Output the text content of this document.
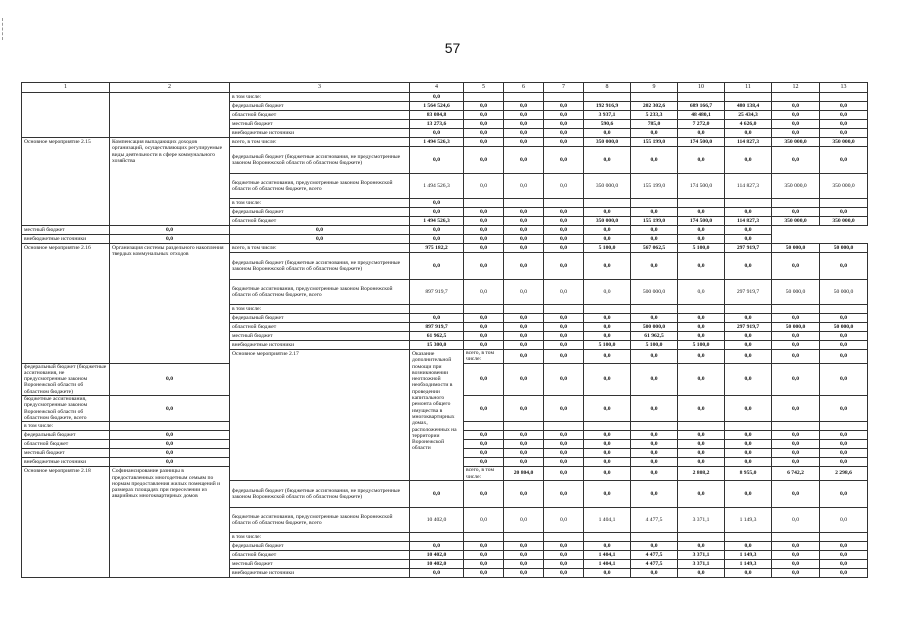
57
1	2	3	4	5	6	7	8	9	10	11	12	13	
		в том числе:	0,0										
		федеральный бюджет	1 564 524,6	0,0	0,0	0,0	192 916,9	202 302,6	689 166,7	480 138,4	0,0	0,0	
		областной бюджет	83 084,8	0,0	0,0	0,0	3 937,1	5 233,3	48 480,1	25 434,3	0,0	0,0	
		местный бюджет	13 273,6	0,0	0,0	0,0	590,6	785,0	7 272,0	4 626,0	0,0	0,0	
		внебюджетные источники	0,0	0,0	0,0	0,0	0,0	0,0	0,0	0,0	0,0	0,0	
Основное мероприятие 2.15	Компенсация выпадающих доходов организаций, осуществляющих регулируемые виды деятельности в сфере коммунального хозяйства	всего, в том числе:	1 494 526,3	0,0	0,0	0,0	350 000,0	155 199,0	174 500,0	114 827,3	350 000,0	350 000,0	
		федеральный бюджет (бюджетные ассигнования, не предусмотренные законом Воронежской области об областном бюджете)	0,0	0,0	0,0	0,0	0,0	0,0	0,0	0,0	0,0	0,0	
		бюджетные ассигнования, предусмотренные законом Воронежской области об областном бюджете, всего	1 494 526,3	0,0	0,0	0,0	350 000,0	155 199,0	174 500,0	114 827,3	350 000,0	350 000,0	
		в том числе:	0,0										
		федеральный бюджет	0,0	0,0	0,0	0,0	0,0	0,0	0,0	0,0	0,0	0,0	
		областной бюджет	1 494 526,3	0,0	0,0	0,0	350 000,0	155 199,0	174 500,0	114 827,3	350 000,0	350 000,0	
местный бюджет	0,0	0,0	0,0	0,0	0,0	0,0	0,0	0,0	0,0	0,0			
внебюджетные источники	0,0	0,0	0,0	0,0	0,0	0,0	0,0	0,0	0,0	0,0			
Основное мероприятие 2.16	Организация системы раздельного накопления твердых коммунальных отходов	всего, в том числе:	975 182,2	0,0	0,0	0,0	5 100,0	567 062,5	5 100,0	297 919,7	50 000,0	50 000,0	
		федеральный бюджет (бюджетные ассигнования, не предусмотренные законом Воронежской области об областном бюджете)	0,0	0,0	0,0	0,0	0,0	0,0	0,0	0,0	0,0	0,0	
		бюджетные ассигнования, предусмотренные законом Воронежской области об областном бюджете, всего	897 919,7	0,0	0,0	0,0	0,0	500 000,0	0,0	297 919,7	50 000,0	50 000,0	
		в том числе:											
		федеральный бюджет	0,0	0,0	0,0	0,0	0,0	0,0	0,0	0,0	0,0	0,0	
		областной бюджет	897 919,7	0,0	0,0	0,0	0,0	500 000,0	0,0	297 919,7	50 000,0	50 000,0	
		местный бюджет	61 962,5	0,0	0,0	0,0	0,0	61 962,5	0,0	0,0	0,0	0,0	
		внебюджетные источники	15 300,0	0,0	0,0	0,0	5 100,0	5 100,0	5 100,0	0,0	0,0	0,0	
		Основное мероприятие 2.17	Оказание дополнительной помощи при возникновении неотложной необходимости в проведении капитального ремонта общего имущества в многоквартирных домах, расположенных на территории Воронежской области	всего, в том числе:	0,0	0,0	0,0	0,0	0,0	0,0	0,0	0,0		
федеральный бюджет (бюджетные ассигнования, не предусмотренные законом Воронежской области об областном бюджете)	0,0			0,0	0,0	0,0	0,0	0,0	0,0	0,0	0,0	0,0	
бюджетные ассигнования, предусмотренные законом Воронежской области об областном бюджете, всего	0,0			0,0	0,0	0,0	0,0	0,0	0,0	0,0	0,0	0,0	
в том числе:													
федеральный бюджет	0,0			0,0	0,0	0,0	0,0	0,0	0,0	0,0	0,0	0,0	
областной бюджет	0,0			0,0	0,0	0,0	0,0	0,0	0,0	0,0	0,0	0,0	
местный бюджет	0,0			0,0	0,0	0,0	0,0	0,0	0,0	0,0	0,0	0,0	
внебюджетные источники	0,0			0,0	0,0	0,0	0,0	0,0	0,0	0,0	0,0	0,0	
Основное мероприятие 2.18	Софинансирование разницы в предоставленных многодетным семьям по нормам предоставления жилых помещений и размерах площадях при переселении из аварийных многоквартирных домов			всего, в том числе:	20 804,0	0,0	0,0	0,0	2 808,2	8 955,0	6 742,2	2 298,6		
		федеральный бюджет (бюджетные ассигнования, не предусмотренные законом Воронежской области об областном бюджете)	0,0	0,0	0,0	0,0	0,0	0,0	0,0	0,0	0,0	0,0	
		бюджетные ассигнования, предусмотренные законом Воронежской области об областном бюджете, всего	10 402,0	0,0	0,0	0,0	1 404,1	4 477,5	3 371,1	1 149,3	0,0	0,0	
		в том числе:											
		федеральный бюджет	0,0	0,0	0,0	0,0	0,0	0,0	0,0	0,0	0,0	0,0	
		областной бюджет	10 402,0	0,0	0,0	0,0	1 404,1	4 477,5	3 371,1	1 149,3	0,0	0,0	
		местный бюджет	10 402,0	0,0	0,0	0,0	1 404,1	4 477,5	3 371,1	1 149,3	0,0	0,0	
		внебюджетные источники	0,0	0,0	0,0	0,0	0,0	0,0	0,0	0,0	0,0	0,0	
